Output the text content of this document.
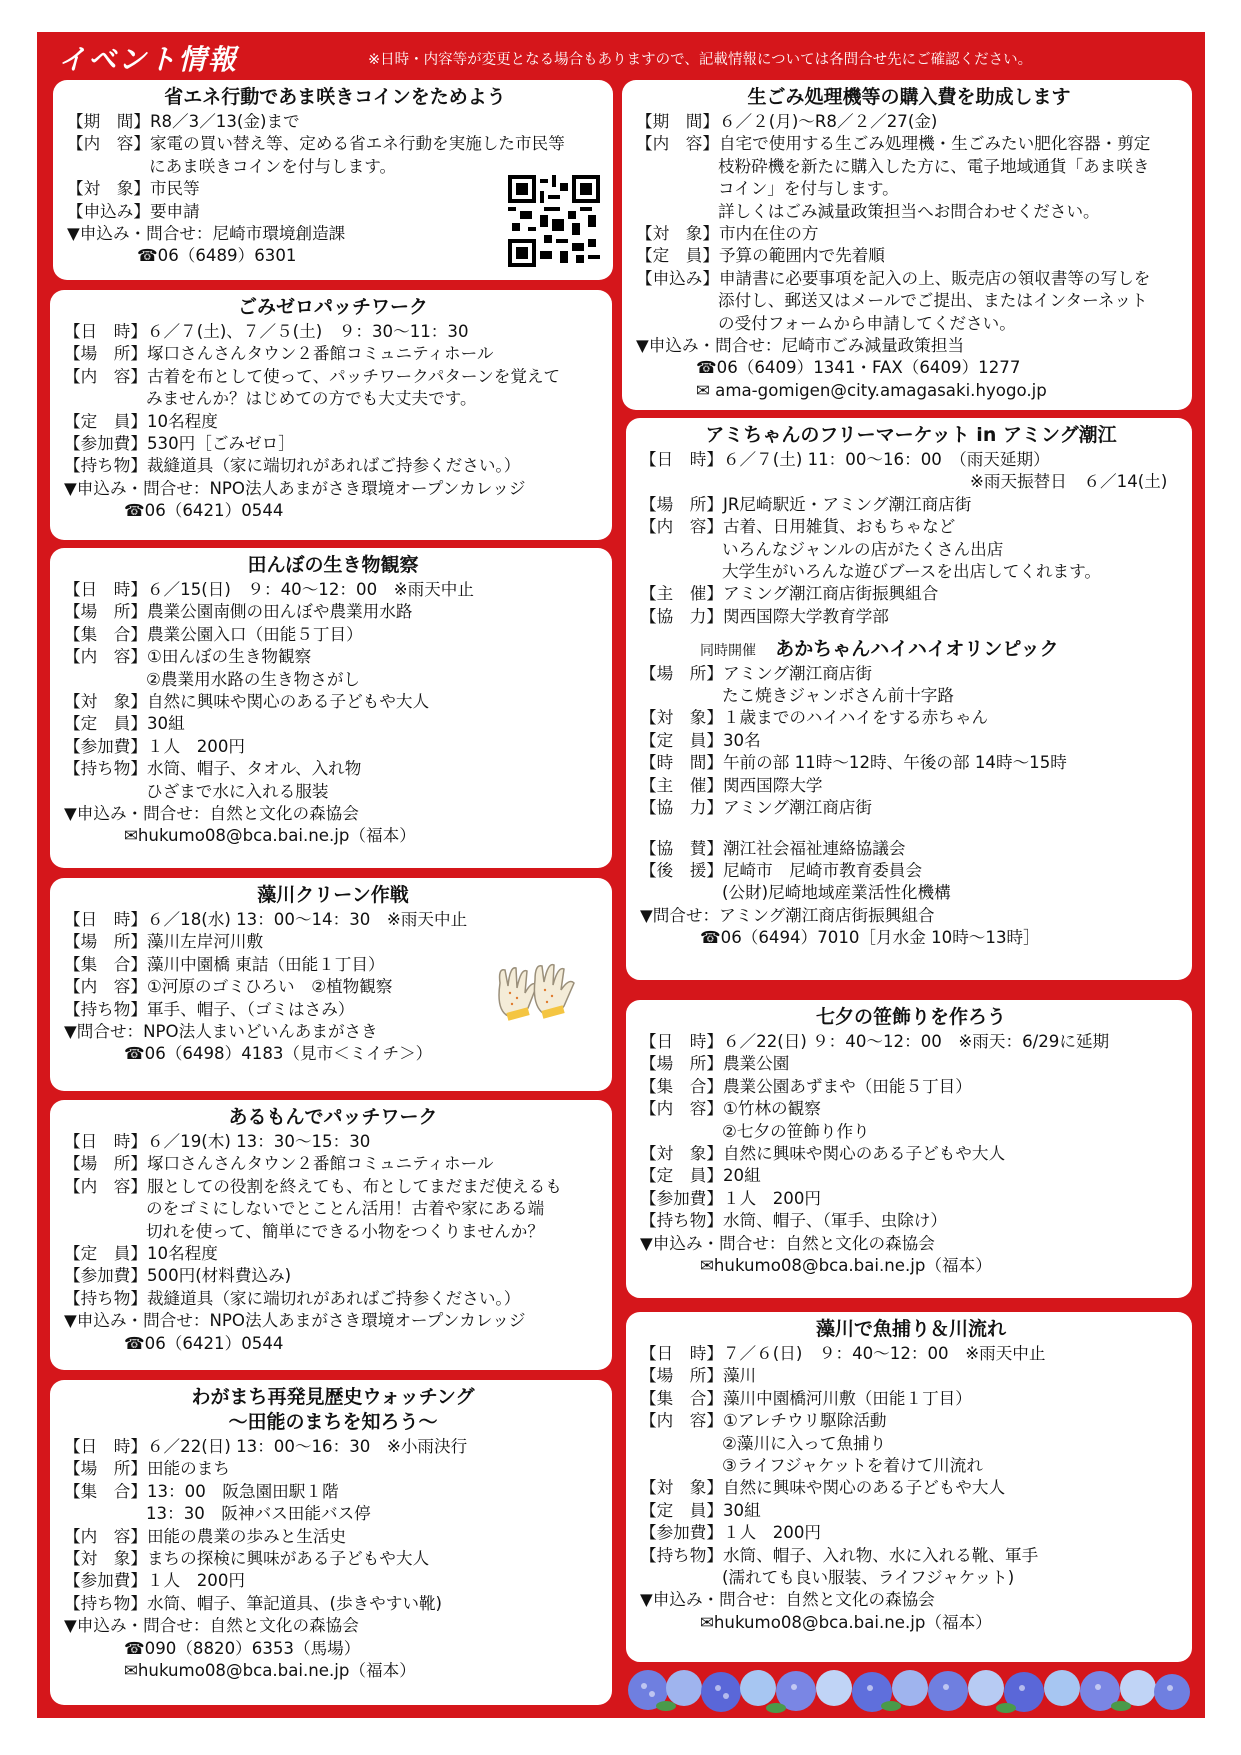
イベント情報	※日時・内容等が変更となる場合もありますので、記載情報については各問合せ先にご確認ください。
省エネ行動であま咲きコインをためよう
【期　間】R8／3／13(金)まで
【内　容】家電の買い替え等、定める省エネ行動を実施した市民等
にあま咲きコインを付与します。
【対　象】市民等
【申込み】要申請
▼申込み・問合せ：尼崎市環境創造課
☎06（6489）6301
ごみゼロパッチワーク
【日　時】６／７(土)、７／５(土)　９：30～11：30
【場　所】塚口さんさんタウン２番館コミュニティホール
【内　容】古着を布として使って、パッチワークパターンを覚えて
みませんか？はじめての方でも大丈夫です。
【定　員】10名程度
【参加費】530円［ごみゼロ］
【持ち物】裁縫道具（家に端切れがあればご持参ください。）
▼申込み・問合せ：NPO法人あまがさき環境オープンカレッジ
☎06（6421）0544
田んぼの生き物観察
【日　時】６／15(日)　９：40～12：00　※雨天中止
【場　所】農業公園南側の田んぼや農業用水路
【集　合】農業公園入口（田能５丁目）
【内　容】①田んぼの生き物観察
②農業用水路の生き物さがし
【対　象】自然に興味や関心のある子どもや大人
【定　員】30組
【参加費】１人　200円
【持ち物】水筒、帽子、タオル、入れ物
ひざまで水に入れる服装
▼申込み・問合せ：自然と文化の森協会
✉hukumo08@bca.bai.ne.jp（福本）
藻川クリーン作戦
【日　時】６／18(水) 13：00～14：30　※雨天中止
【場　所】藻川左岸河川敷
【集　合】藻川中園橋 東詰（田能１丁目）
【内　容】①河原のゴミひろい　②植物観察
【持ち物】軍手、帽子、（ゴミはさみ）
▼問合せ：NPO法人まいどいんあまがさき
☎06（6498）4183（見市＜ミイチ＞）
あるもんでパッチワーク
【日　時】６／19(木) 13：30～15：30
【場　所】塚口さんさんタウン２番館コミュニティホール
【内　容】服としての役割を終えても、布としてまだまだ使えるも
のをゴミにしないでとことん活用！古着や家にある端
切れを使って、簡単にできる小物をつくりませんか？
【定　員】10名程度
【参加費】500円(材料費込み)
【持ち物】裁縫道具（家に端切れがあればご持参ください。）
▼申込み・問合せ：NPO法人あまがさき環境オープンカレッジ
☎06（6421）0544
わがまち再発見歴史ウォッチング
～田能のまちを知ろう～
【日　時】６／22(日) 13：00～16：30　※小雨決行
【場　所】田能のまち
【集　合】13：00　阪急園田駅１階
13：30　阪神バス田能バス停
【内　容】田能の農業の歩みと生活史
【対　象】まちの探検に興味がある子どもや大人
【参加費】１人　200円
【持ち物】水筒、帽子、筆記道具、(歩きやすい靴)
▼申込み・問合せ：自然と文化の森協会
☎090（8820）6353（馬場）
✉hukumo08@bca.bai.ne.jp（福本）
生ごみ処理機等の購入費を助成します
【期　間】６／２(月)～R8／２／27(金)
【内　容】自宅で使用する生ごみ処理機・生ごみたい肥化容器・剪定
枝粉砕機を新たに購入した方に、電子地域通貨「あま咲き
コイン」を付与します。
詳しくはごみ減量政策担当へお問合わせください。
【対　象】市内在住の方
【定　員】予算の範囲内で先着順
【申込み】申請書に必要事項を記入の上、販売店の領収書等の写しを
添付し、郵送又はメールでご提出、またはインターネット
の受付フォームから申請してください。
▼申込み・問合せ：尼崎市ごみ減量政策担当
☎06（6409）1341・FAX（6409）1277
✉ ama-gomigen@city.amagasaki.hyogo.jp
アミちゃんのフリーマーケット in アミング潮江
【日　時】６／７(土) 11：00～16：00　（雨天延期）
※雨天振替日　６／14(土)
【場　所】JR尼崎駅近・アミング潮江商店街
【内　容】古着、日用雑貨、おもちゃなど
いろんなジャンルの店がたくさん出店
大学生がいろんな遊びブースを出店してくれます。
【主　催】アミング潮江商店街振興組合
【協　力】関西国際大学教育学部
同時開催 あかちゃんハイハイオリンピック
【場　所】アミング潮江商店街
たこ焼きジャンボさん前十字路
【対　象】１歳までのハイハイをする赤ちゃん
【定　員】30名
【時　間】午前の部 11時～12時、午後の部 14時～15時
【主　催】関西国際大学
【協　力】アミング潮江商店街
【協　賛】潮江社会福祉連絡協議会
【後　援】尼崎市　尼崎市教育委員会
(公財)尼崎地域産業活性化機構
▼問合せ：アミング潮江商店街振興組合
☎06（6494）7010［月水金 10時～13時］
七夕の笹飾りを作ろう
【日　時】６／22(日) ９：40～12：00　※雨天：6/29に延期
【場　所】農業公園
【集　合】農業公園あずまや（田能５丁目）
【内　容】①竹林の観察
②七夕の笹飾り作り
【対　象】自然に興味や関心のある子どもや大人
【定　員】20組
【参加費】１人　200円
【持ち物】水筒、帽子、（軍手、虫除け）
▼申込み・問合せ：自然と文化の森協会
✉hukumo08@bca.bai.ne.jp（福本）
藻川で魚捕り＆川流れ
【日　時】７／６(日)　９：40～12：00　※雨天中止
【場　所】藻川
【集　合】藻川中園橋河川敷（田能１丁目）
【内　容】①アレチウリ駆除活動
②藻川に入って魚捕り
③ライフジャケットを着けて川流れ
【対　象】自然に興味や関心のある子どもや大人
【定　員】30組
【参加費】１人　200円
【持ち物】水筒、帽子、入れ物、水に入れる靴、軍手
(濡れても良い服装、ライフジャケット)
▼申込み・問合せ：自然と文化の森協会
✉hukumo08@bca.bai.ne.jp（福本）
